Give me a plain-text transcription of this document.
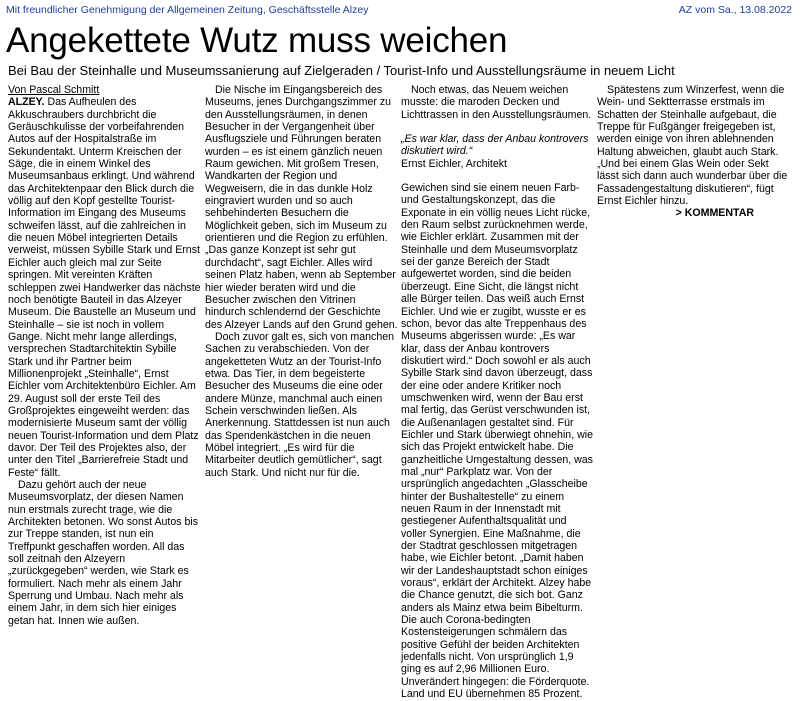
Mit freundlicher Genehmigung der Allgemeinen Zeitung, Geschäftsstelle Alzey	AZ vom Sa., 13.08.2022
Angekettete Wutz muss weichen
Bei Bau der Steinhalle und Museumssanierung auf Zielgeraden / Tourist-Info und Ausstellungsräume in neuem Licht

Von Pascal Schmitt

ALZEY. Das Aufheulen des Akkuschraubers durchbricht die Geräuschkulisse der vorbeifahrenden Autos auf der Hospitalstraße im Sekundentakt. Unterm Kreischen der Säge, die in einem Winkel des Museumsanbaus erklingt. Und während das Architektenpaar den Blick durch die völlig auf den Kopf gestellte Tourist-Information im Eingang des Museums schweifen lässt, auf die zahlreichen in die neuen Möbel integrierten Details verweist, müssen Sybille Stark und Ernst Eichler auch gleich mal zur Seite springen. Mit vereinten Kräften schleppen zwei Handwerker das nächste noch benötigte Bauteil in das Alzeyer Museum. Die Baustelle an Museum und Steinhalle – sie ist noch in vollem Gange. Nicht mehr lange allerdings, versprechen Stadtarchitektin Sybille Stark und ihr Partner beim Millionenprojekt „Steinhalle“, Ernst Eichler vom Architektenbüro Eichler. Am 29. August soll der erste Teil des Großprojektes eingeweiht werden: das modernisierte Museum samt der völlig neuen Tourist-Information und dem Platz davor. Der Teil des Projektes also, der unter den Titel „Barrierefreie Stadt und Feste“ fällt.

Dazu gehört auch der neue Museumsvorplatz, der diesen Namen nun erstmals zurecht trage, wie die Architekten betonen. Wo sonst Autos bis zur Treppe standen, ist nun ein Treffpunkt geschaffen worden. All das soll zeitnah den Alzeyern „zurückgegeben“ werden, wie Stark es formuliert. Nach mehr als einem Jahr Sperrung und Umbau. Nach mehr als einem Jahr, in dem sich hier einiges getan hat. Innen wie außen.

Die Nische im Eingangsbereich des Museums, jenes Durchgangszimmer zu den Ausstellungsräumen, in denen Besucher in der Vergangenheit über Ausflugsziele und Führungen beraten wurden – es ist einem gänzlich neuen Raum gewichen. Mit großem Tresen, Wandkarten der Region und Wegweisern, die in das dunkle Holz eingraviert wurden und so auch sehbehinderten Besuchern die Möglichkeit geben, sich im Museum zu orientieren und die Region zu erfühlen. „Das ganze Konzept ist sehr gut durchdacht“, sagt Eichler. Alles wird seinen Platz haben, wenn ab September hier wieder beraten wird und die Besucher zwischen den Vitrinen hindurch schlendernd der Geschichte des Alzeyer Lands auf den Grund gehen.

Doch zuvor galt es, sich von manchen Sachen zu verabschieden. Von der angeketteten Wutz an der Tourist-Info etwa. Das Tier, in dem begeisterte Besucher des Museums die eine oder andere Münze, manchmal auch einen Schein verschwinden ließen. Als Anerkennung. Stattdessen ist nun auch das Spendenkästchen in die neuen Möbel integriert. „Es wird für die Mitarbeiter deutlich gemütlicher“, sagt auch Stark. Und nicht nur für die.

Noch etwas, das Neuem weichen musste: die maroden Decken und Lichttrassen in den Ausstellungsräumen.

„Es war klar, dass der Anbau kontrovers diskutiert wird.“

Ernst Eichler, Architekt

Gewichen sind sie einem neuen Farb- und Gestaltungskonzept, das die Exponate in ein völlig neues Licht rücke, den Raum selbst zurücknehmen werde, wie Eichler erklärt. Zusammen mit der Steinhalle und dem Museumsvorplatz sei der ganze Bereich der Stadt aufgewertet worden, sind die beiden überzeugt. Eine Sicht, die längst nicht alle Bürger teilen. Das weiß auch Ernst Eichler. Und wie er zugibt, wusste er es schon, bevor das alte Treppenhaus des Museums abgerissen wurde: „Es war klar, dass der Anbau kontrovers diskutiert wird.“ Doch sowohl er als auch Sybille Stark sind davon überzeugt, dass der eine oder andere Kritiker noch umschwenken wird, wenn der Bau erst mal fertig, das Gerüst verschwunden ist, die Außenanlagen gestaltet sind. Für Eichler und Stark überwiegt ohnehin, wie sich das Projekt entwickelt habe. Die ganzheitliche Umgestaltung dessen, was mal „nur“ Parkplatz war. Von der ursprünglich angedachten „Glasscheibe hinter der Bushaltestelle“ zu einem neuen Raum in der Innenstadt mit gestiegener Aufenthaltsqualität und voller Synergien. Eine Maßnahme, die der Stadtrat geschlossen mitgetragen habe, wie Eichler betont. „Damit haben wir der Landeshauptstadt schon einiges voraus“, erklärt der Architekt. Alzey habe die Chance genutzt, die sich bot. Ganz anders als Mainz etwa beim Bibelturm. Die auch Corona-bedingten Kostensteigerungen schmälern das positive Gefühl der beiden Architekten jedenfalls nicht. Von ursprünglich 1,9 ging es auf 2,96 Millionen Euro. Unverändert hingegen: die Förderquote. Land und EU übernehmen 85 Prozent.

Spätestens zum Winzerfest, wenn die Wein- und Sektterrasse erstmals im Schatten der Steinhalle aufgebaut, die Treppe für Fußgänger freigegeben ist, werden einige von ihren ablehnenden Haltung abweichen, glaubt auch Stark. „Und bei einem Glas Wein oder Sekt lässt sich dann auch wunderbar über die Fassadengestaltung diskutieren“, fügt Ernst Eichler hinzu.

> KOMMENTAR
